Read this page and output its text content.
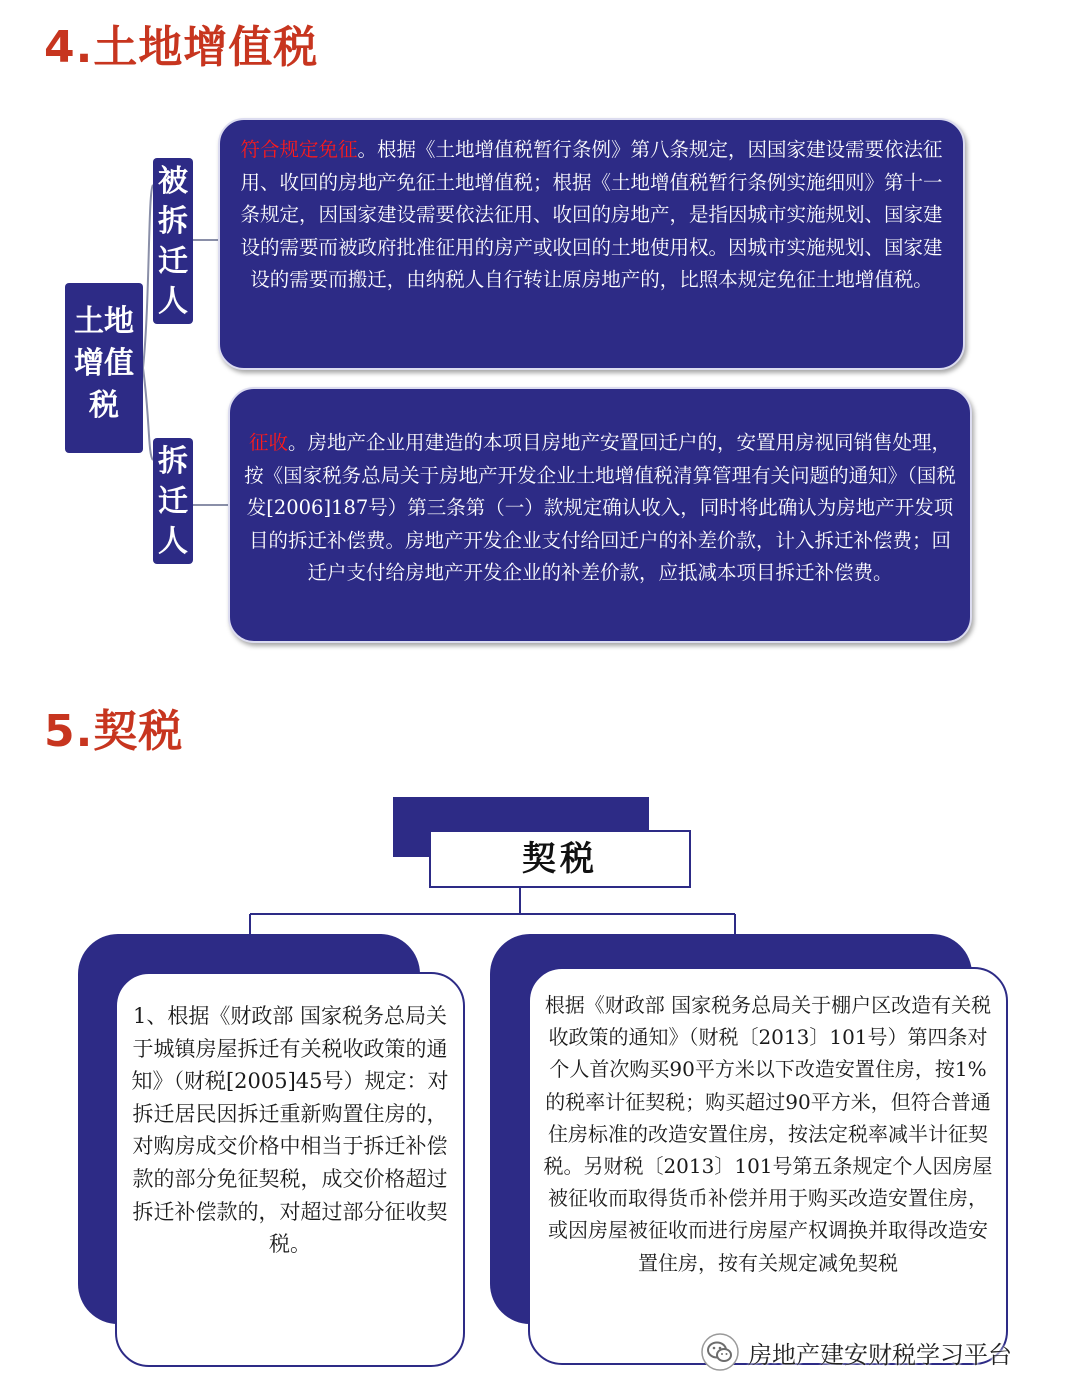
4.土地增值税
土地增值税
被拆迁人
拆迁人
符合规定免征。根据《土地增值税暂行条例》第八条规定，因国家建设需要依法征用、收回的房地产免征土地增值税；根据《土地增值税暂行条例实施细则》第十一条规定，因国家建设需要依法征用、收回的房地产，是指因城市实施规划、国家建设的需要而被政府批准征用的房产或收回的土地使用权。因城市实施规划、国家建设的需要而搬迁，由纳税人自行转让原房地产的，比照本规定免征土地增值税。
征收。房地产企业用建造的本项目房地产安置回迁户的，安置用房视同销售处理，按《国家税务总局关于房地产开发企业土地增值税清算管理有关问题的通知》（国税发[2006]187号）第三条第（一）款规定确认收入，同时将此确认为房地产开发项目的拆迁补偿费。房地产开发企业支付给回迁户的补差价款，计入拆迁补偿费；回迁户支付给房地产开发企业的补差价款，应抵减本项目拆迁补偿费。
5.契税
契税
1、根据《财政部 国家税务总局关于城镇房屋拆迁有关税收政策的通知》（财税[2005]45号）规定：对拆迁居民因拆迁重新购置住房的，对购房成交价格中相当于拆迁补偿款的部分免征契税，成交价格超过拆迁补偿款的，对超过部分征收契税。
根据《财政部 国家税务总局关于棚户区改造有关税收政策的通知》（财税〔2013〕101号）第四条对个人首次购买90平方米以下改造安置住房，按1%的税率计征契税；购买超过90平方米，但符合普通住房标准的改造安置住房，按法定税率减半计征契税。另财税〔2013〕101号第五条规定个人因房屋被征收而取得货币补偿并用于购买改造安置住房，或因房屋被征收而进行房屋产权调换并取得改造安置住房，按有关规定减免契税
房地产建安财税学习平台
